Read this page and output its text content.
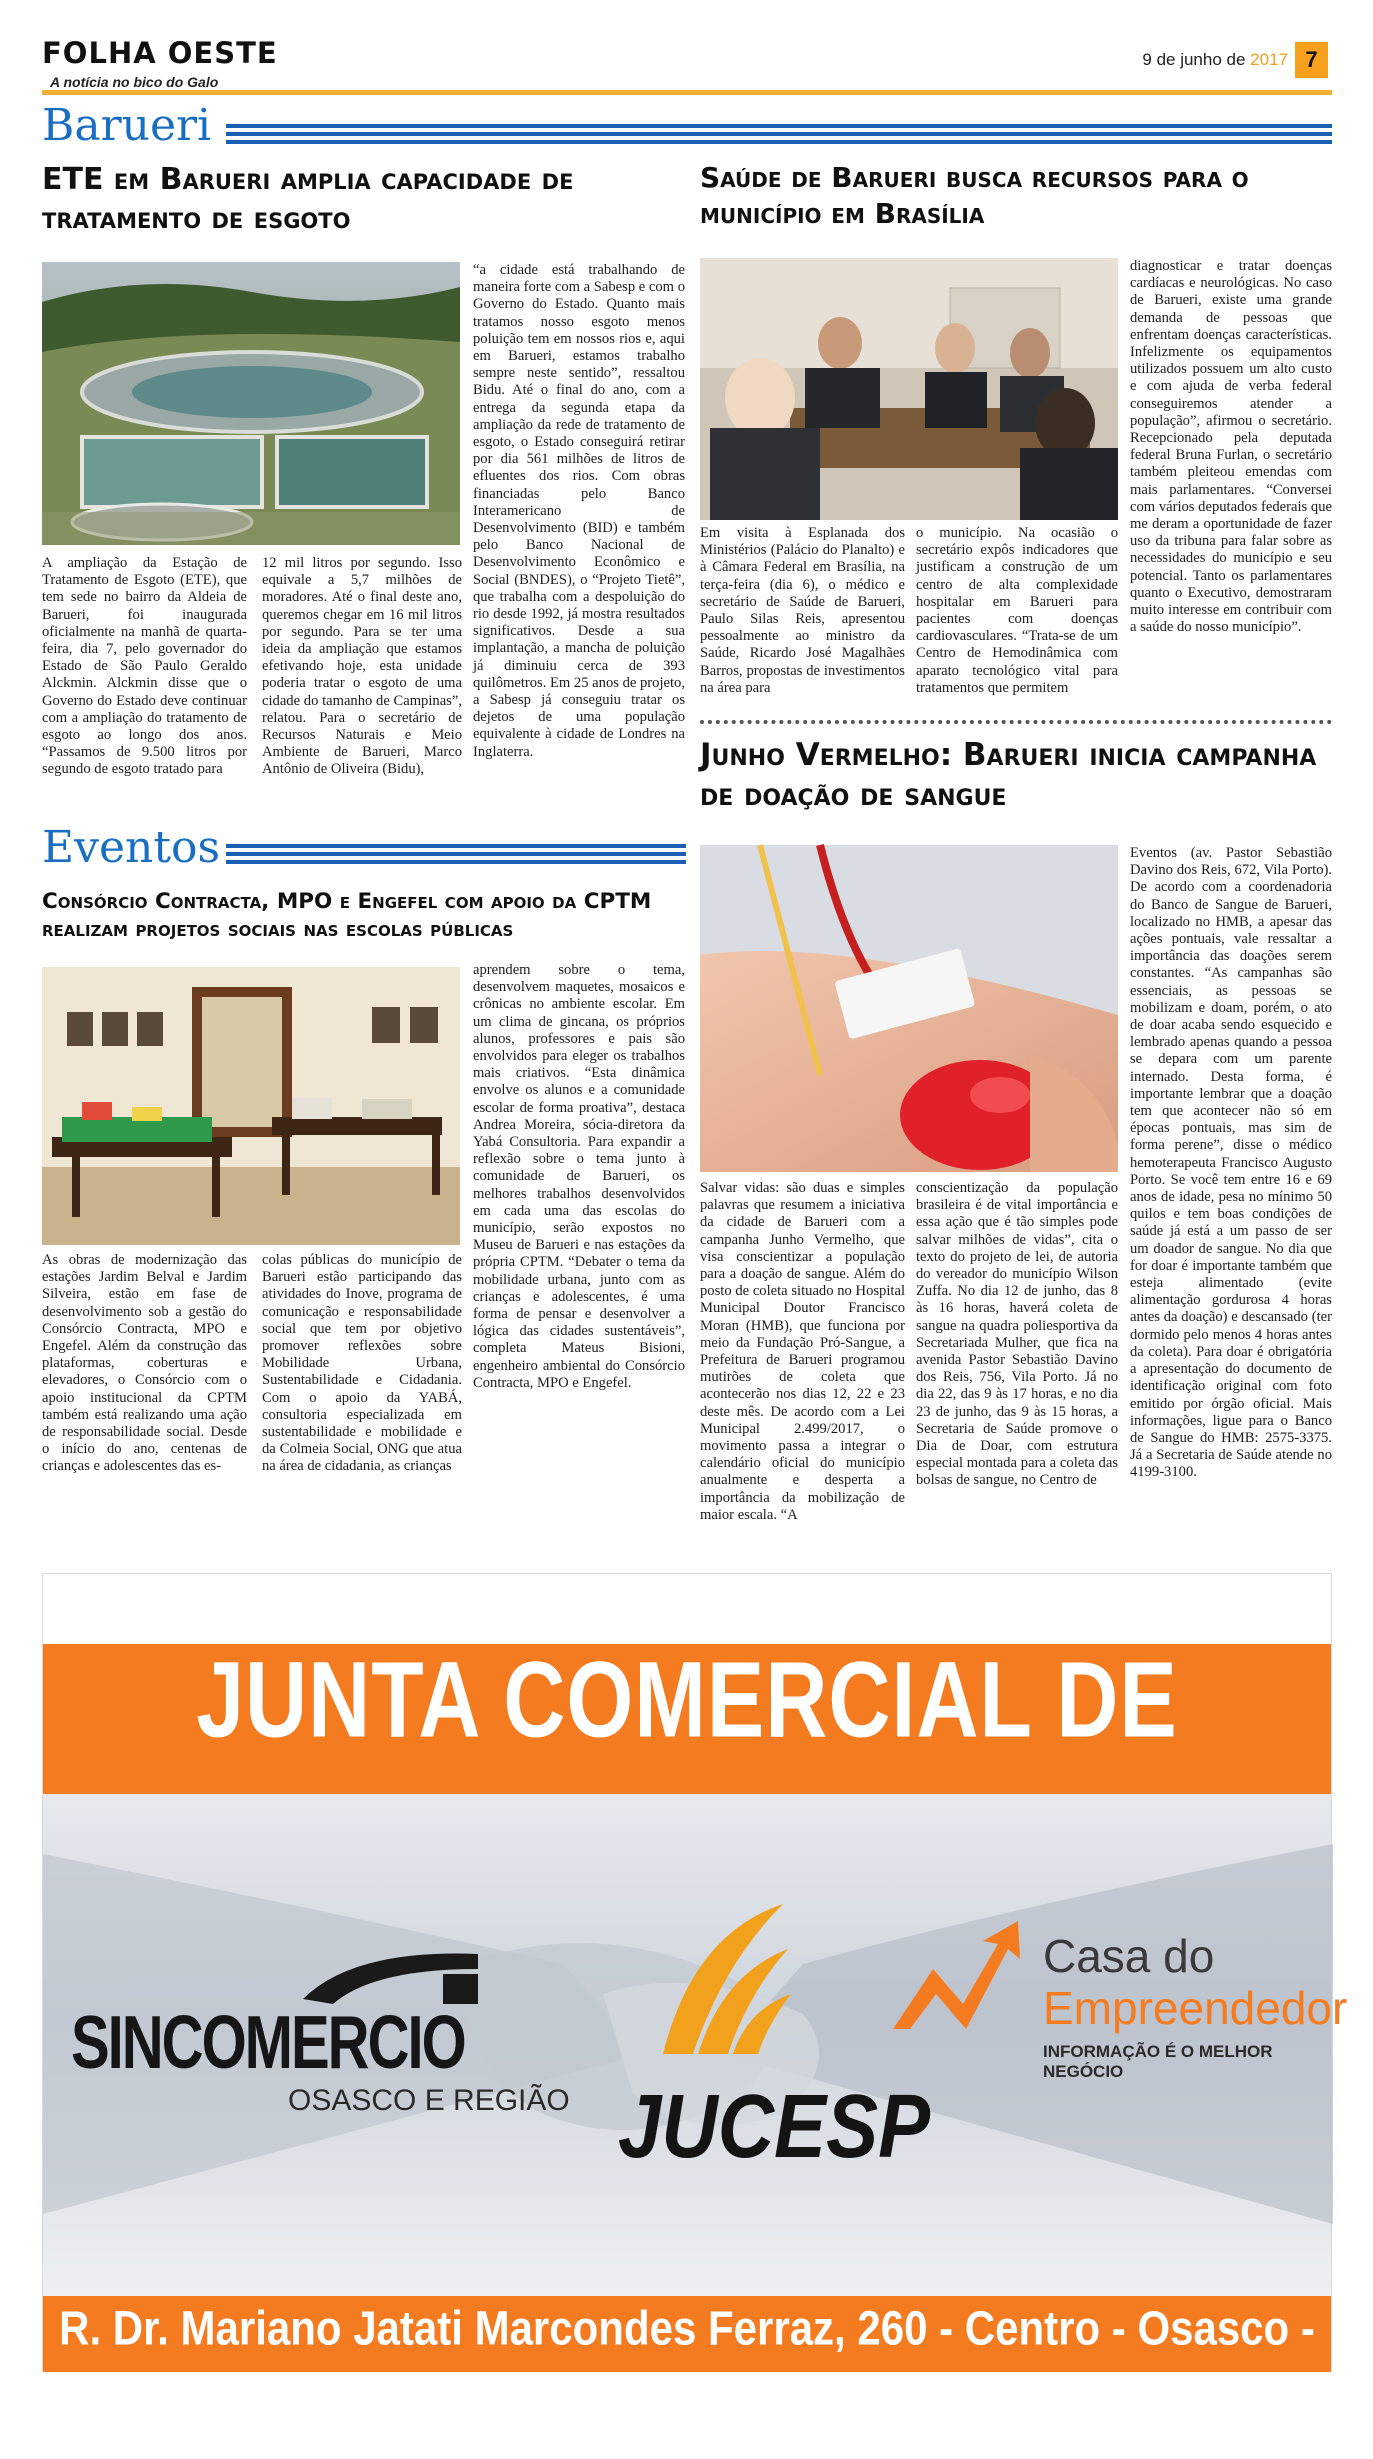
FOLHA OESTE
A notícia no bico do Galo
9 de junho de 2017 7
Barueri
ETE em Barueri amplia capacidade de tratamento de esgoto
A ampliação da Estação de Tratamento de Esgoto (ETE), que tem sede no bairro da Aldeia de Barueri, foi inaugurada oficialmente na manhã de quarta-feira, dia 7, pelo governador do Estado de São Paulo Geraldo Alckmin. Alckmin disse que o Governo do Estado deve continuar com a ampliação do tratamento de esgoto ao longo dos anos. “Passamos de 9.500 litros por segundo de esgoto tratado para
12 mil litros por segundo. Isso equivale a 5,7 milhões de moradores. Até o final deste ano, queremos chegar em 16 mil litros por segundo. Para se ter uma ideia da ampliação que estamos efetivando hoje, esta unidade poderia tratar o esgoto de uma cidade do tamanho de Campinas”, relatou. Para o secretário de Recursos Naturais e Meio Ambiente de Barueri, Marco Antônio de Oliveira (Bidu),
“a cidade está trabalhando de maneira forte com a Sabesp e com o Governo do Estado. Quanto mais tratamos nosso esgoto menos poluição tem em nossos rios e, aqui em Barueri, estamos trabalho sempre neste sentido”, ressaltou Bidu. Até o final do ano, com a entrega da segunda etapa da ampliação da rede de tratamento de esgoto, o Estado conseguirá retirar por dia 561 milhões de litros de efluentes dos rios. Com obras financiadas pelo Banco Interamericano de Desenvolvimento (BID) e também pelo Banco Nacional de Desenvolvimento Econômico e Social (BNDES), o “Projeto Tietê”, que trabalha com a despoluição do rio desde 1992, já mostra resultados significativos. Desde a sua implantação, a mancha de poluição já diminuiu cerca de 393 quilômetros. Em 25 anos de projeto, a Sabesp já conseguiu tratar os dejetos de uma população equivalente à cidade de Londres na Inglaterra.
Saúde de Barueri busca recursos para o município em Brasília
Em visita à Esplanada dos Ministérios (Palácio do Planalto) e à Câmara Federal em Brasília, na terça-feira (dia 6), o médico e secretário de Saúde de Barueri, Paulo Silas Reis, apresentou pessoalmente ao ministro da Saúde, Ricardo José Magalhães Barros, propostas de investimentos na área para
o município. Na ocasião o secretário expôs indicadores que justificam a construção de um centro de alta complexidade hospitalar em Barueri para pacientes com doenças cardiovasculares. “Trata-se de um Centro de Hemodinâmica com aparato tecnológico vital para tratamentos que permitem
diagnosticar e tratar doenças cardíacas e neurológicas. No caso de Barueri, existe uma grande demanda de pessoas que enfrentam doenças características. Infelizmente os equipamentos utilizados possuem um alto custo e com ajuda de verba federal conseguiremos atender a população”, afirmou o secretário. Recepcionado pela deputada federal Bruna Furlan, o secretário também pleiteou emendas com mais parlamentares. “Conversei com vários deputados federais que me deram a oportunidade de fazer uso da tribuna para falar sobre as necessidades do município e seu potencial. Tanto os parlamentares quanto o Executivo, demostraram muito interesse em contribuir com a saúde do nosso município”.
Junho Vermelho: Barueri inicia campanha de doação de sangue
Salvar vidas: são duas e simples palavras que resumem a iniciativa da cidade de Barueri com a campanha Junho Vermelho, que visa conscientizar a população para a doação de sangue. Além do posto de coleta situado no Hospital Municipal Doutor Francisco Moran (HMB), que funciona por meio da Fundação Pró-Sangue, a Prefeitura de Barueri programou mutirões de coleta que acontecerão nos dias 12, 22 e 23 deste mês. De acordo com a Lei Municipal 2.499/2017, o movimento passa a integrar o calendário oficial do município anualmente e desperta a importância da mobilização de maior escala. “A
conscientização da população brasileira é de vital importância e essa ação que é tão simples pode salvar milhões de vidas”, cita o texto do projeto de lei, de autoria do vereador do município Wilson Zuffa. No dia 12 de junho, das 8 às 16 horas, haverá coleta de sangue na quadra poliesportiva da Secretariada Mulher, que fica na avenida Pastor Sebastião Davino dos Reis, 756, Vila Porto. Já no dia 22, das 9 às 17 horas, e no dia 23 de junho, das 9 às 15 horas, a Secretaria de Saúde promove o Dia de Doar, com estrutura especial montada para a coleta das bolsas de sangue, no Centro de
Eventos (av. Pastor Sebastião Davino dos Reis, 672, Vila Porto). De acordo com a coordenadoria do Banco de Sangue de Barueri, localizado no HMB, a apesar das ações pontuais, vale ressaltar a importância das doações serem constantes. “As campanhas são essenciais, as pessoas se mobilizam e doam, porém, o ato de doar acaba sendo esquecido e lembrado apenas quando a pessoa se depara com um parente internado. Desta forma, é importante lembrar que a doação tem que acontecer não só em épocas pontuais, mas sim de forma perene”, disse o médico hemoterapeuta Francisco Augusto Porto. Se você tem entre 16 e 69 anos de idade, pesa no mínimo 50 quilos e tem boas condições de saúde já está a um passo de ser um doador de sangue. No dia que for doar é importante também que esteja alimentado (evite alimentação gordurosa 4 horas antes da doação) e descansado (ter dormido pelo menos 4 horas antes da coleta). Para doar é obrigatória a apresentação do documento de identificação original com foto emitido por órgão oficial. Mais informações, ligue para o Banco de Sangue do HMB: 2575-3375. Já a Secretaria de Saúde atende no 4199-3100.
Eventos
Consórcio Contracta, MPO e Engefel com apoio da CPTM realizam projetos sociais nas escolas públicas
As obras de modernização das estações Jardim Belval e Jardim Silveira, estão em fase de desenvolvimento sob a gestão do Consórcio Contracta, MPO e Engefel. Além da construção das plataformas, coberturas e elevadores, o Consórcio com o apoio institucional da CPTM também está realizando uma ação de responsabilidade social. Desde o início do ano, centenas de crianças e adolescentes das es-
colas públicas do município de Barueri estão participando das atividades do Inove, programa de comunicação e responsabilidade social que tem por objetivo promover reflexões sobre Mobilidade Urbana, Sustentabilidade e Cidadania. Com o apoio da YABÁ, consultoria especializada em sustentabilidade e mobilidade e da Colmeia Social, ONG que atua na área de cidadania, as crianças
aprendem sobre o tema, desenvolvem maquetes, mosaicos e crônicas no ambiente escolar. Em um clima de gincana, os próprios alunos, professores e pais são envolvidos para eleger os trabalhos mais criativos. “Esta dinâmica envolve os alunos e a comunidade escolar de forma proativa”, destaca Andrea Moreira, sócia-diretora da Yabá Consultoria. Para expandir a reflexão sobre o tema junto à comunidade de Barueri, os melhores trabalhos desenvolvidos em cada uma das escolas do município, serão expostos no Museu de Barueri e nas estações da própria CPTM. “Debater o tema da mobilidade urbana, junto com as crianças e adolescentes, é uma forma de pensar e desenvolver a lógica das cidades sustentáveis”, completa Mateus Bisioni, engenheiro ambiental do Consórcio Contracta, MPO e Engefel.
JUNTA COMERCIAL DE
SINCOMERCIO
OSASCO E REGIÃO JUCESP
Casa do
Empreendedor
INFORMAÇÃO É O MELHOR NEGÓCIO
R. Dr. Mariano Jatati Marcondes Ferraz, 260 - Centro - Osasco - SP
